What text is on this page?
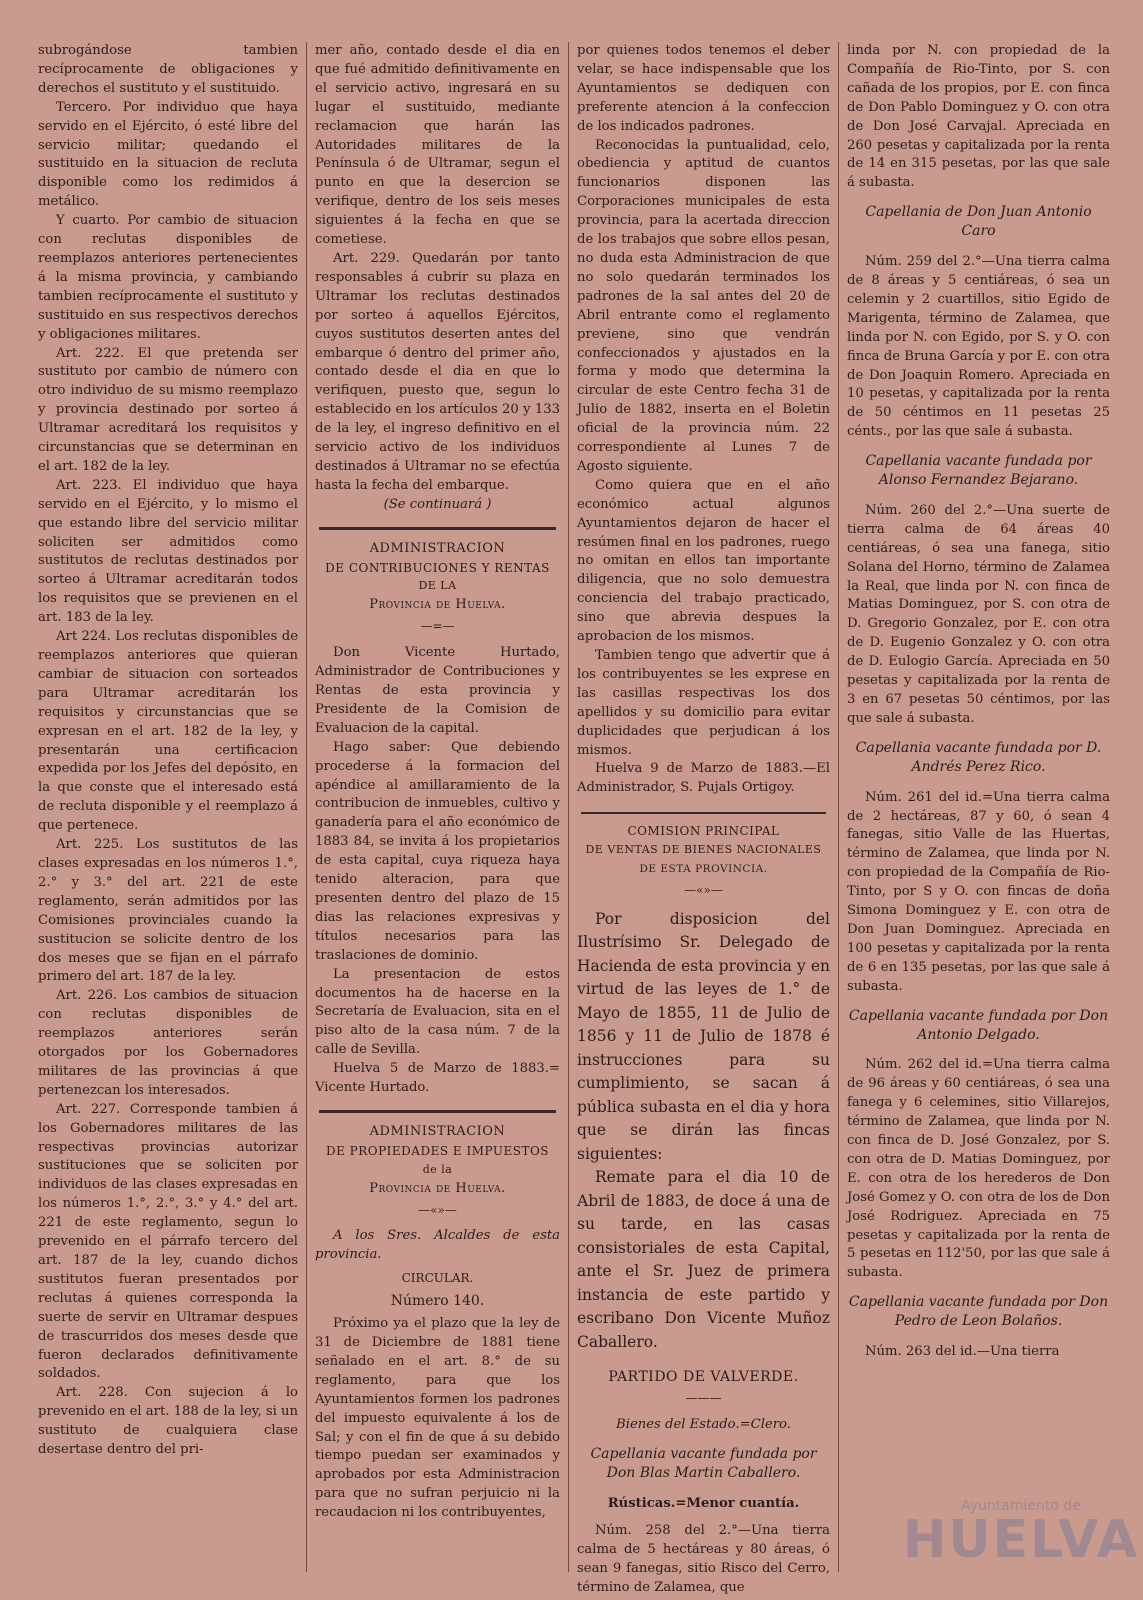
subrogándose tambien recíprocamente de obligaciones y derechos el sustituto y el sustituido.

Tercero. Por individuo que haya servido en el Ejército, ó esté libre del servicio militar; quedando el sustituido en la situacion de recluta disponible como los redimidos á metálico.

Y cuarto. Por cambio de situacion con reclutas disponibles de reemplazos anteriores pertenecientes á la misma provincia, y cambiando tambien recíprocamente el sustituto y sustituido en sus respectivos derechos y obligaciones militares.

Art. 222. El que pretenda ser sustituto por cambio de número con otro individuo de su mismo reemplazo y provincia destinado por sorteo á Ultramar acreditará los requisitos y circunstancias que se determinan en el art. 182 de la ley.

Art. 223. El individuo que haya servido en el Ejército, y lo mismo el que estando libre del servicio militar soliciten ser admitidos como sustitutos de reclutas destinados por sorteo á Ultramar acreditarán todos los requisitos que se previenen en el art. 183 de la ley.

Art 224. Los reclutas disponibles de reemplazos anteriores que quieran cambiar de situacion con sorteados para Ultramar acreditarán los requisitos y circunstancias que se expresan en el art. 182 de la ley, y presentarán una certificacion expedida por los Jefes del depósito, en la que conste que el interesado está de recluta disponible y el reemplazo á que pertenece.

Art. 225. Los sustitutos de las clases expresadas en los números 1.°, 2.° y 3.° del art. 221 de este reglamento, serán admitidos por las Comisiones provinciales cuando la sustitucion se solicite dentro de los dos meses que se fijan en el párrafo primero del art. 187 de la ley.

Art. 226. Los cambios de situacion con reclutas disponibles de reemplazos anteriores serán otorgados por los Gobernadores militares de las provincias á que pertenezcan los interesados.

Art. 227. Corresponde tambien á los Gobernadores militares de las respectivas provincias autorizar sustituciones que se soliciten por individuos de las clases expresadas en los números 1.°, 2.°, 3.° y 4.° del art. 221 de este reglamento, segun lo prevenido en el párrafo tercero del art. 187 de la ley, cuando dichos sustitutos fueran presentados por reclutas á quienes corresponda la suerte de servir en Ultramar despues de trascurridos dos meses desde que fueron declarados definitivamente soldados.

Art. 228. Con sujecion á lo prevenido en el art. 188 de la ley, si un sustituto de cualquiera clase desertase dentro del pri-

mer año, contado desde el dia en que fué admitido definitivamente en el servicio activo, ingresará en su lugar el sustituido, mediante reclamacion que harán las Autoridades militares de la Península ó de Ultramar, segun el punto en que la desercion se verifique, dentro de los seis meses siguientes á la fecha en que se cometiese.

Art. 229. Quedarán por tanto responsables á cubrir su plaza en Ultramar los reclutas destinados por sorteo á aquellos Ejércitos, cuyos sustitutos deserten antes del embarque ó dentro del primer año, contado desde el dia en que lo verifiquen, puesto que, segun lo establecido en los artículos 20 y 133 de la ley, el ingreso definitivo en el servicio activo de los individuos destinados á Ultramar no se efectúa hasta la fecha del embarque.

(Se continuará )

ADMINISTRACION

DE CONTRIBUCIONES Y RENTAS

DE LA

Provincia de Huelva.

—=—

Don Vicente Hurtado, Administrador de Contribuciones y Rentas de esta provincia y Presidente de la Comision de Evaluacion de la capital.

Hago saber: Que debiendo procederse á la formacion del apéndice al amillaramiento de la contribucion de inmuebles, cultivo y ganadería para el año económico de 1883 84, se invita á los propietarios de esta capital, cuya riqueza haya tenido alteracion, para que presenten dentro del plazo de 15 dias las relaciones expresivas y títulos necesarios para las traslaciones de dominio.

La presentacion de estos documentos ha de hacerse en la Secretaría de Evaluacion, sita en el piso alto de la casa núm. 7 de la calle de Sevilla.

Huelva 5 de Marzo de 1883.= Vicente Hurtado.

ADMINISTRACION

DE PROPIEDADES E IMPUESTOS

de la

Provincia de Huelva.

—«»—

A los Sres. Alcaldes de esta provincia.

CIRCULAR.

Número 140.

Próximo ya el plazo que la ley de 31 de Diciembre de 1881 tiene señalado en el art. 8.° de su reglamento, para que los Ayuntamientos formen los padrones del impuesto equivalente á los de Sal; y con el fin de que á su debido tiempo puedan ser examinados y aprobados por esta Administracion para que no sufran perjuicio ni la recaudacion ni los contribuyentes,

por quienes todos tenemos el deber velar, se hace indispensable que los Ayuntamientos se dediquen con preferente atencion á la confeccion de los indicados padrones.

Reconocidas la puntualidad, celo, obediencia y aptitud de cuantos funcionarios disponen las Corporaciones municipales de esta provincia, para la acertada direccion de los trabajos que sobre ellos pesan, no duda esta Administracion de que no solo quedarán terminados los padrones de la sal antes del 20 de Abril entrante como el reglamento previene, sino que vendrán confeccionados y ajustados en la forma y modo que determina la circular de este Centro fecha 31 de Julio de 1882, inserta en el Boletin oficial de la provincia núm. 22 correspondiente al Lunes 7 de Agosto siguiente.

Como quiera que en el año económico actual algunos Ayuntamientos dejaron de hacer el resúmen final en los padrones, ruego no omitan en ellos tan importante diligencia, que no solo demuestra conciencia del trabajo practicado, sino que abrevia despues la aprobacion de los mismos.

Tambien tengo que advertir que á los contribuyentes se les exprese en las casillas respectivas los dos apellidos y su domicilio para evitar duplicidades que perjudican á los mismos.

Huelva 9 de Marzo de 1883.—El Administrador, S. Pujals Ortigoy.

COMISION PRINCIPAL

DE VENTAS DE BIENES NACIONALES

DE ESTA PROVINCIA.

—«»—

Por disposicion del Ilustrísimo Sr. Delegado de Hacienda de esta provincia y en virtud de las leyes de 1.° de Mayo de 1855, 11 de Julio de 1856 y 11 de Julio de 1878 é instrucciones para su cumplimiento, se sacan á pública subasta en el dia y hora que se dirán las fincas siguientes:

Remate para el dia 10 de Abril de 1883, de doce á una de su tarde, en las casas consistoriales de esta Capital, ante el Sr. Juez de primera instancia de este partido y escribano Don Vicente Muñoz Caballero.

PARTIDO DE VALVERDE.

———

Bienes del Estado.=Clero.

Capellania vacante fundada por Don Blas Martin Caballero.

Rústicas.=Menor cuantía.

Núm. 258 del 2.°—Una tierra calma de 5 hectáreas y 80 áreas, ó sean 9 fanegas, sitio Risco del Cerro, término de Zalamea, que

linda por N. con propiedad de la Compañía de Rio-Tinto, por S. con cañada de los propios, por E. con finca de Don Pablo Dominguez y O. con otra de Don José Carvajal. Apreciada en 260 pesetas y capitalizada por la renta de 14 en 315 pesetas, por las que sale á subasta.

Capellania de Don Juan Antonio Caro

Núm. 259 del 2.°—Una tierra calma de 8 áreas y 5 centiáreas, ó sea un celemin y 2 cuartillos, sitio Egido de Marigenta, término de Zalamea, que linda por N. con Egido, por S. y O. con finca de Bruna García y por E. con otra de Don Joaquin Romero. Apreciada en 10 pesetas, y capitalizada por la renta de 50 céntimos en 11 pesetas 25 cénts., por las que sale á subasta.

Capellania vacante fundada por Alonso Fernandez Bejarano.

Núm. 260 del 2.°—Una suerte de tierra calma de 64 áreas 40 centiáreas, ó sea una fanega, sitio Solana del Horno, término de Zalamea la Real, que linda por N. con finca de Matias Dominguez, por S. con otra de D. Gregorio Gonzalez, por E. con otra de D. Eugenio Gonzalez y O. con otra de D. Eulogio García. Apreciada en 50 pesetas y capitalizada por la renta de 3 en 67 pesetas 50 céntimos, por las que sale á subasta.

Capellania vacante fundada por D. Andrés Perez Rico.

Núm. 261 del id.=Una tierra calma de 2 hectáreas, 87 y 60, ó sean 4 fanegas, sitio Valle de las Huertas, término de Zalamea, que linda por N. con propiedad de la Compañía de Rio-Tinto, por S y O. con fincas de doña Simona Dominguez y E. con otra de Don Juan Dominguez. Apreciada en 100 pesetas y capitalizada por la renta de 6 en 135 pesetas, por las que sale á subasta.

Capellania vacante fundada por Don Antonio Delgado.

Núm. 262 del id.=Una tierra calma de 96 áreas y 60 centiáreas, ó sea una fanega y 6 celemines, sitio Villarejos, término de Zalamea, que linda por N. con finca de D. José Gonzalez, por S. con otra de D. Matias Dominguez, por E. con otra de los herederos de Don José Gomez y O. con otra de los de Don José Rodriguez. Apreciada en 75 pesetas y capitalizada por la renta de 5 pesetas en 112'50, por las que sale á subasta.

Capellania vacante fundada por Don Pedro de Leon Bolaños.

Núm. 263 del id.—Una tierra

Ayuntamiento de
HUELVA
